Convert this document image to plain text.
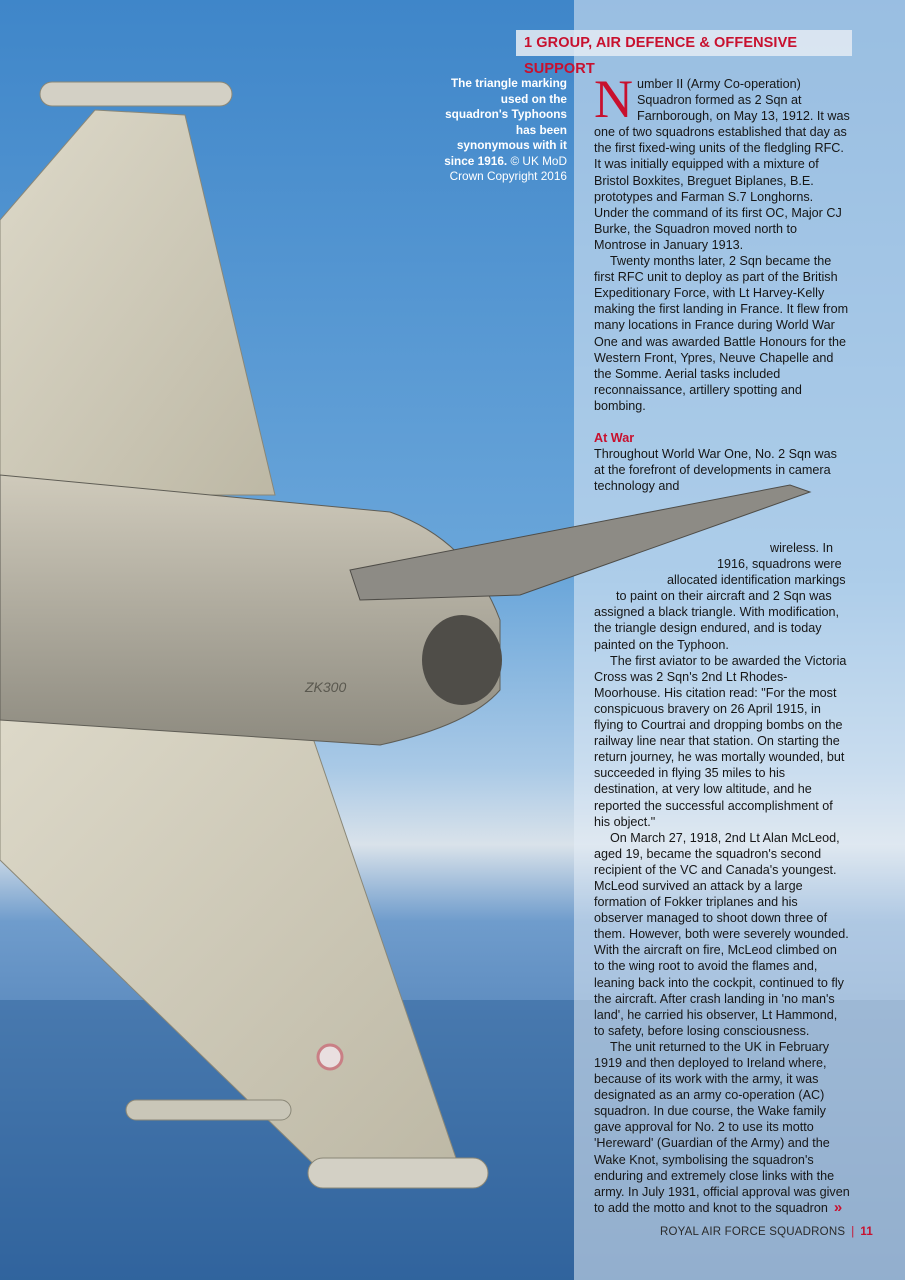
ZK300
1 GROUP, AIR DEFENCE & OFFENSIVE SUPPORT
The triangle marking used on the squadron's Typhoons has been synonymous with it since 1916. © UK MoD Crown Copyright 2016

Number II (Army Co-operation) Squadron formed as 2 Sqn at Farnborough, on May 13, 1912. It was one of two squadrons established that day as the first fixed-wing units of the fledgling RFC. It was initially equipped with a mixture of Bristol Boxkites, Breguet Biplanes, B.E. prototypes and Farman S.7 Longhorns. Under the command of its first OC, Major CJ Burke, the Squadron moved north to Montrose in January 1913.

Twenty months later, 2 Sqn became the first RFC unit to deploy as part of the British Expeditionary Force, with Lt Harvey-Kelly making the first landing in France. It flew from many locations in France during World War One and was awarded Battle Honours for the Western Front, Ypres, Neuve Chapelle and the Somme. Aerial tasks included reconnaissance, artillery spotting and bombing.

At War

Throughout World War One, No. 2 Sqn was at the forefront of developments in camera technology and

wireless. In

1916, squadrons were

allocated identification markings

to paint on their aircraft and 2 Sqn was

assigned a black triangle. With modification, the triangle design endured, and is today painted on the Typhoon.

The first aviator to be awarded the Victoria Cross was 2 Sqn's 2nd Lt Rhodes-Moorhouse. His citation read: "For the most conspicuous bravery on 26 April 1915, in flying to Courtrai and dropping bombs on the railway line near that station. On starting the return journey, he was mortally wounded, but succeeded in flying 35 miles to his destination, at very low altitude, and he reported the successful accomplishment of his object."

On March 27, 1918, 2nd Lt Alan McLeod, aged 19, became the squadron's second recipient of the VC and Canada's youngest. McLeod survived an attack by a large formation of Fokker triplanes and his observer managed to shoot down three of them. However, both were severely wounded. With the aircraft on fire, McLeod climbed on to the wing root to avoid the flames and, leaning back into the cockpit, continued to fly the aircraft. After crash landing in 'no man's land', he carried his observer, Lt Hammond, to safety, before losing consciousness.

The unit returned to the UK in February 1919 and then deployed to Ireland where, because of its work with the army, it was designated as an army co-operation (AC) squadron. In due course, the Wake family gave approval for No. 2 to use its motto 'Hereward' (Guardian of the Army) and the Wake Knot, symbolising the squadron's enduring and extremely close links with the army. In July 1931, official approval was given to add the motto and knot to the squadron »

ROYAL AIR FORCE SQUADRONS | 11
